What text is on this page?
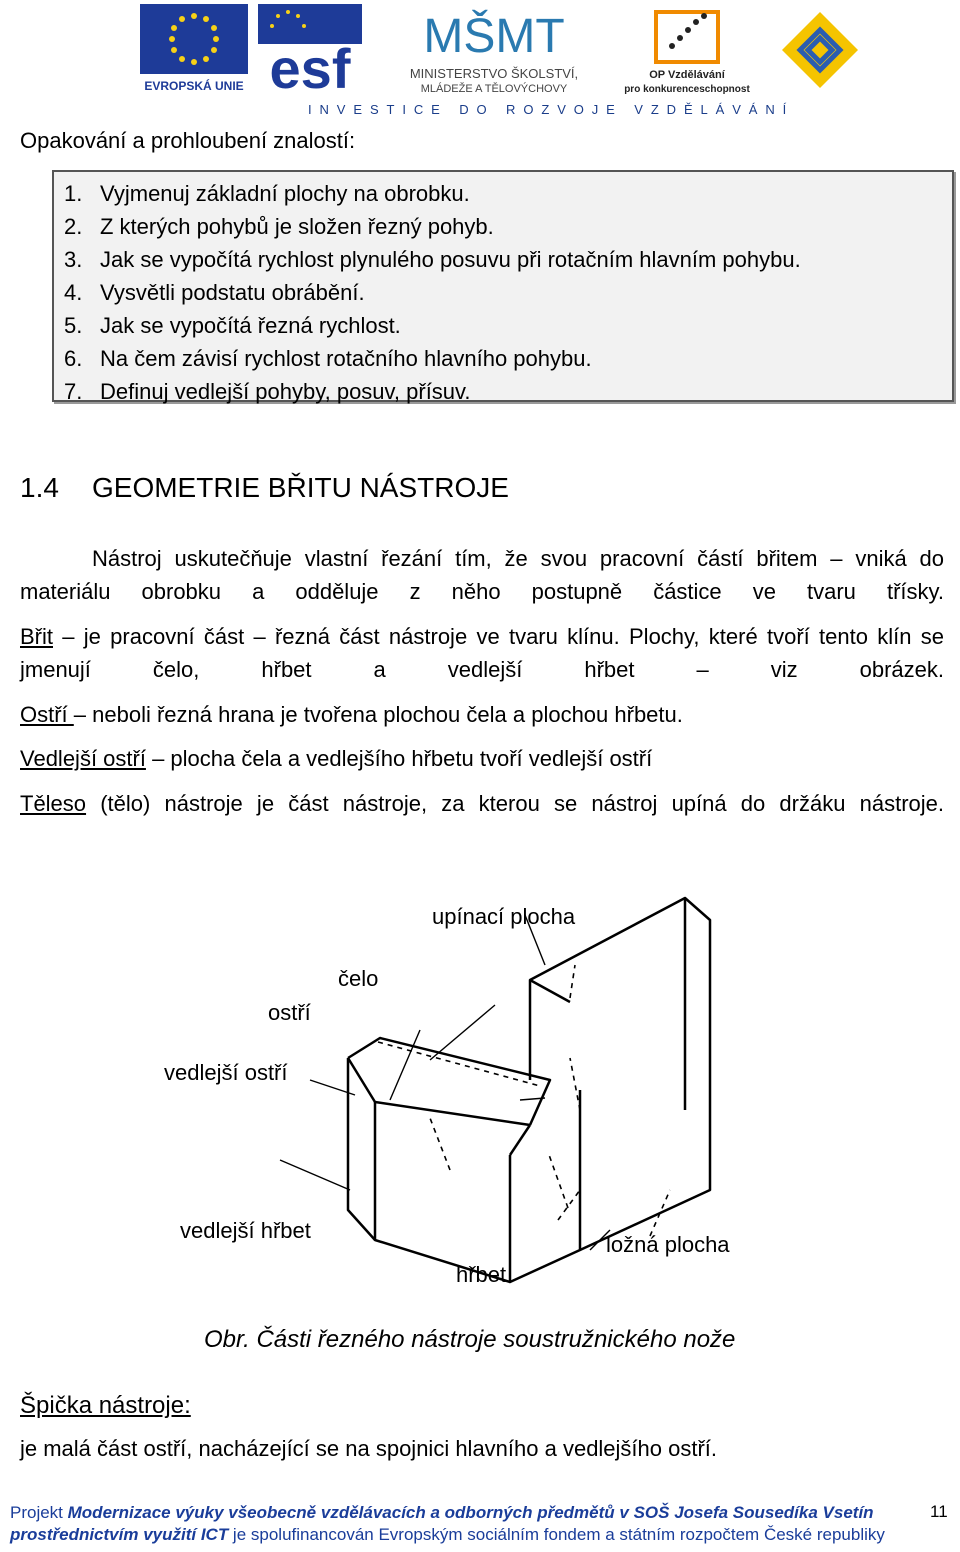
EVROPSKÁ UNIE esf
MŠMT
MINISTERSTVO ŠKOLSTVÍ,
MLÁDEŽE A TĚLOVÝCHOVY
OP Vzdělávání
pro konkurenceschopnost
INVESTICE DO ROZVOJE VZDĚLÁVÁNÍ
Opakování a prohloubení znalostí:
1. Vyjmenuj základní plochy na obrobku.
2. Z kterých pohybů je složen řezný pohyb.
3. Jak se vypočítá rychlost plynulého posuvu při rotačním hlavním pohybu.
4. Vysvětli podstatu obrábění.
5. Jak se vypočítá řezná rychlost.
6. Na čem závisí rychlost rotačního hlavního pohybu.
7. Definuj vedlejší pohyby, posuv, přísuv.
1.4 GEOMETRIE BŘITU NÁSTROJE
Nástroj uskutečňuje vlastní řezání tím, že svou pracovní částí břitem – vniká do materiálu obrobku a odděluje z něho postupně částice ve tvaru třísky.
Břit – je pracovní část – řezná část nástroje ve tvaru klínu. Plochy, které tvoří tento klín se jmenují čelo, hřbet a vedlejší hřbet – viz obrázek.
Ostří – neboli řezná hrana je tvořena plochou čela a plochou hřbetu.
Vedlejší ostří – plocha čela a vedlejšího hřbetu tvoří vedlejší ostří
Těleso (tělo) nástroje je část nástroje, za kterou se nástroj upíná do držáku nástroje.
upínací plocha
čelo
ostří
vedlejší ostří
vedlejší hřbet
ložná plocha
hřbet
Obr. Části řezného nástroje soustružnického nože
Špička nástroje:
je malá část ostří, nacházející se na spojnici hlavního a vedlejšího ostří.
Projekt Modernizace výuky všeobecně vzdělávacích a odborných předmětů v SOŠ Josefa Sousedíka Vsetín
prostřednictvím využití ICT je spolufinancován Evropským sociálním fondem a státním rozpočtem České republiky
11
